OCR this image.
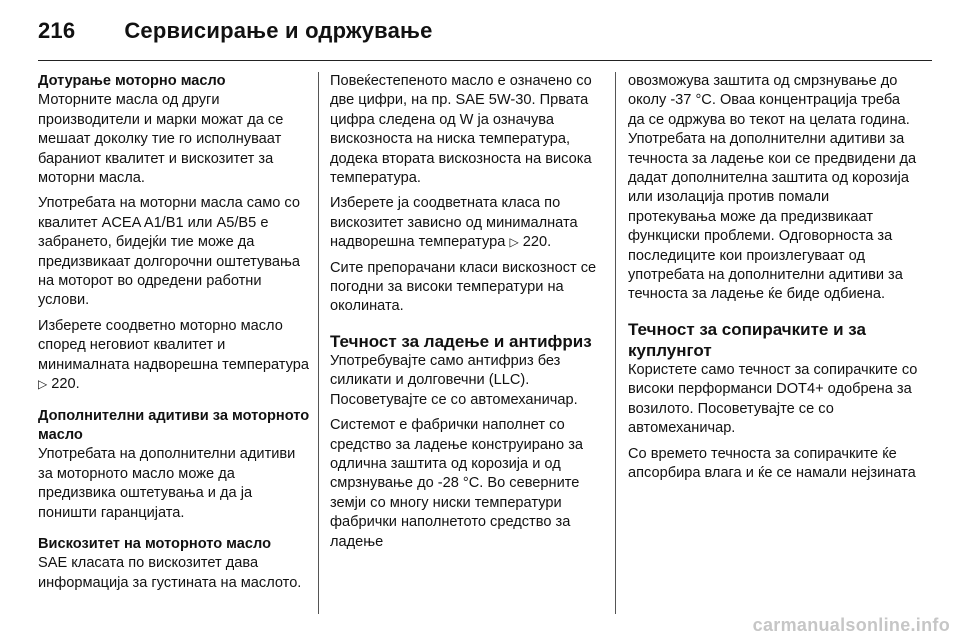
216 Сервисирање и одржување
Дотурање моторно масло

Моторните масла од други производители и марки можат да се мешаат доколку тие го исполнуваат бараниот квалитет и вискозитет за моторни масла.

Употребата на моторни масла само со квалитет ACEA A1/B1 или A5/B5 е забрането, бидејќи тие може да предизвикаат долгорочни оштетувања на моторот во одредени работни услови.

Изберете соодветно моторно масло според неговиот квалитет и минималната надворешна температура ▷ 220.

Дополнителни адитиви за моторното масло

Употребата на дополнителни адитиви за моторното масло може да предизвика оштетувања и да ја поништи гаранцијата.

Вискозитет на моторното масло

SAE класата по вискозитет дава информација за густината на маслото.

Повеќестепеното масло е означено со две цифри, на пр. SAE 5W-30. Првата цифра следена од W ја означува вискозноста на ниска температура, додека втората вискозноста на висока температура.

Изберете ја соодветната класа по вискозитет зависно од минималната надворешна температура ▷ 220.

Сите препорачани класи вискозност се погодни за високи температури на околината.

Течност за ладење и антифриз

Употребувајте само антифриз без силикати и долговечни (LLC). Посоветувајте се со автомеханичар.

Системот е фабрички наполнет со средство за ладење конструирано за одлична заштита од корозија и од смрзнување до -28 °C. Во северните земји со многу ниски температури фабрички наполнетото средство за ладење

овозможува заштита од смрзнување до околу -37 °C. Оваа концентрација треба да се одржува во текот на целата година. Употребата на дополнителни адитиви за течноста за ладење кои се предвидени да дадат дополнителна заштита од корозија или изолација против помали протекувања може да предизвикаат функциски проблеми. Одговорноста за последиците кои произлегуваат од употребата на дополнителни адитиви за течноста за ладење ќе биде одбиена.

Течност за сопирачките и за куплунгот

Користете само течност за сопирачките со високи перформанси DOT4+ одобрена за возилото. Посоветувајте се со автомеханичар.

Со времето течноста за сопирачките ќе апсорбира влага и ќе се намали нејзината

carmanualsonline.info
